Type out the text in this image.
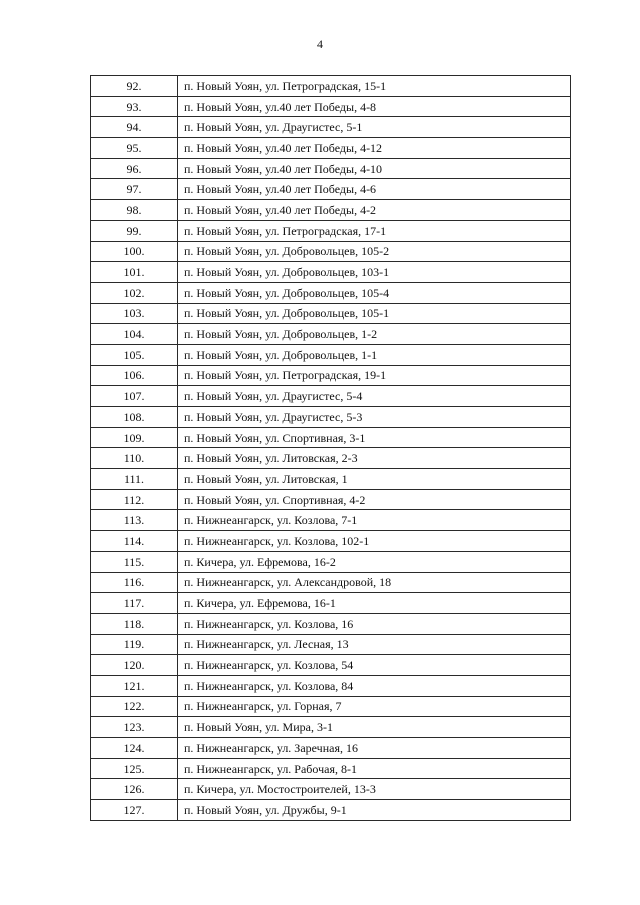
4
92.	п. Новый Уоян, ул. Петроградская, 15-1
93.	п. Новый Уоян, ул.40 лет Победы, 4-8
94.	п. Новый Уоян, ул. Драугистес, 5-1
95.	п. Новый Уоян, ул.40 лет Победы, 4-12
96.	п. Новый Уоян, ул.40 лет Победы, 4-10
97.	п. Новый Уоян, ул.40 лет Победы, 4-6
98.	п. Новый Уоян, ул.40 лет Победы, 4-2
99.	п. Новый Уоян, ул. Петроградская, 17-1
100.	п. Новый Уоян, ул. Добровольцев, 105-2
101.	п. Новый Уоян, ул. Добровольцев, 103-1
102.	п. Новый Уоян, ул. Добровольцев, 105-4
103.	п. Новый Уоян, ул. Добровольцев, 105-1
104.	п. Новый Уоян, ул. Добровольцев, 1-2
105.	п. Новый Уоян, ул. Добровольцев, 1-1
106.	п. Новый Уоян, ул. Петроградская, 19-1
107.	п. Новый Уоян, ул. Драугистес, 5-4
108.	п. Новый Уоян, ул. Драугистес, 5-3
109.	п. Новый Уоян, ул. Спортивная, 3-1
110.	п. Новый Уоян, ул. Литовская, 2-3
111.	п. Новый Уоян, ул. Литовская, 1
112.	п. Новый Уоян, ул. Спортивная, 4-2
113.	п. Нижнеангарск, ул. Козлова, 7-1
114.	п. Нижнеангарск, ул. Козлова, 102-1
115.	п. Кичера, ул. Ефремова, 16-2
116.	п. Нижнеангарск, ул. Александровой, 18
117.	п. Кичера, ул. Ефремова, 16-1
118.	п. Нижнеангарск, ул. Козлова, 16
119.	п. Нижнеангарск, ул. Лесная, 13
120.	п. Нижнеангарск, ул. Козлова, 54
121.	п. Нижнеангарск, ул. Козлова, 84
122.	п. Нижнеангарск, ул. Горная, 7
123.	п. Новый Уоян, ул. Мира, 3-1
124.	п. Нижнеангарск, ул. Заречная, 16
125.	п. Нижнеангарск, ул. Рабочая, 8-1
126.	п. Кичера, ул. Мостостроителей, 13-3
127.	п. Новый Уоян, ул. Дружбы, 9-1
